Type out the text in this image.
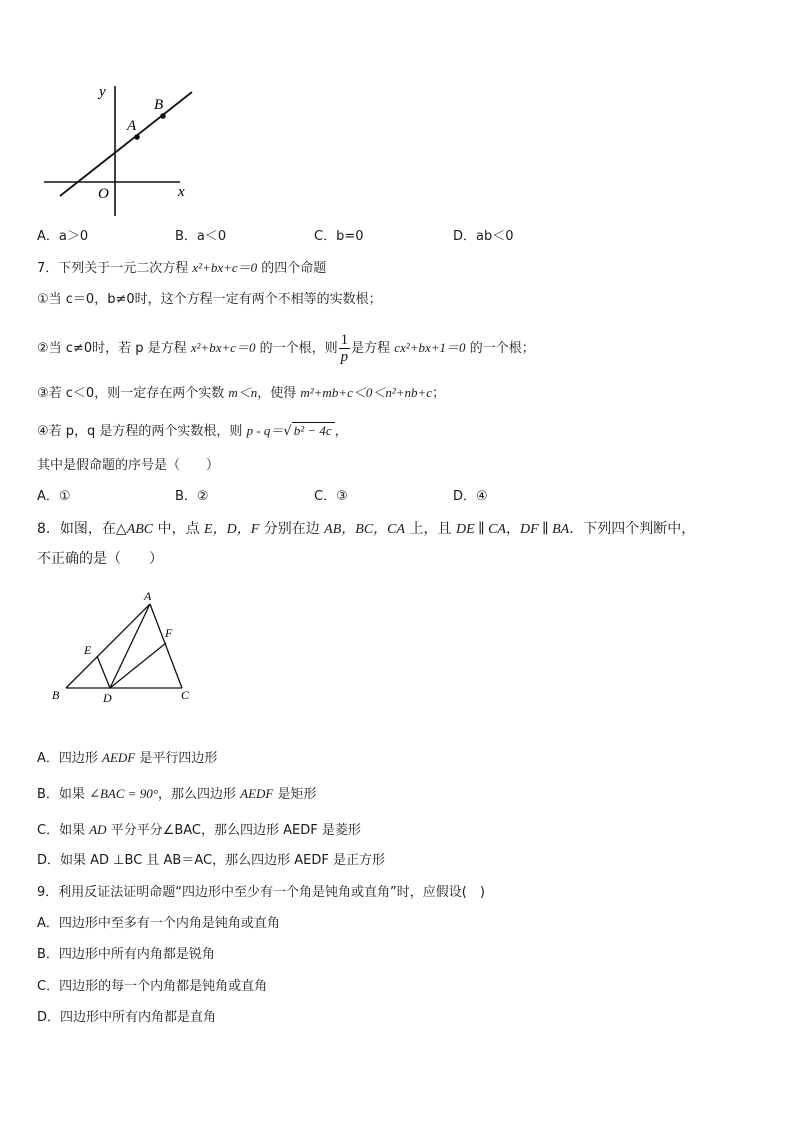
y
x
O
A
B
A．a＞0	B．a＜0	C．b=0	D．ab＜0
7．下列关于一元二次方程 x²+bx+c＝0 的四个命题
①当 c＝0，b≠0时，这个方程一定有两个不相等的实数根；
②当 c≠0时，若 p 是方程 x²+bx+c＝0 的一个根，则 $\frac{1}{p}$ 是方程 cx²+bx+1＝0 的一个根；
③若 c＜0，则一定存在两个实数 m＜n，使得 m²+mb+c＜0＜n²+nb+c；
④若 p，q 是方程的两个实数根，则 p - q＝√ b² − 4c ，
其中是假命题的序号是（　　）
A．①	B．②	C．③	D．④
8．如图，在△ABC 中，点 E，D，F 分别在边 AB，BC，CA 上，且 DE ∥ CA，DF ∥ BA．下列四个判断中，
不正确的是（　　）
A
B	C
D
E
F
A．四边形 AEDF 是平行四边形
B．如果 ∠BAC = 90°，那么四边形 AEDF 是矩形
C．如果 AD 平分平分∠BAC，那么四边形 AEDF 是菱形
D．如果 AD ⊥BC 且 AB＝AC，那么四边形 AEDF 是正方形
9．利用反证法证明命题“四边形中至少有一个角是钝角或直角”时，应假设(　)
A．四边形中至多有一个内角是钝角或直角
B．四边形中所有内角都是锐角
C．四边形的每一个内角都是钝角或直角
D．四边形中所有内角都是直角
